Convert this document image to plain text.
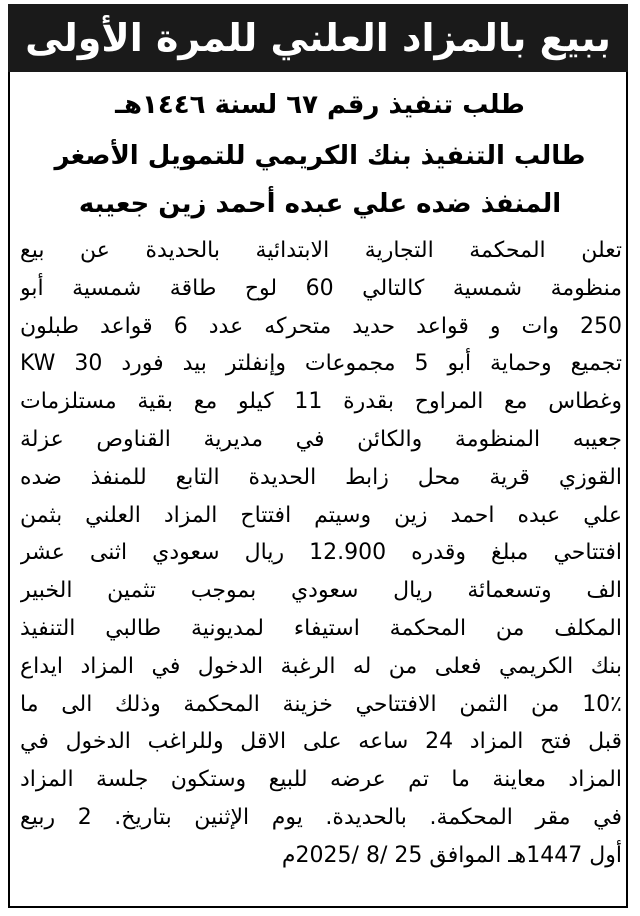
ببيع بالمزاد العلني للمرة الأولى
طلب تنفيذ رقم ٦٧ لسنة ١٤٤٦هـ
طالب التنفيذ بنك الكريمي للتمويل الأصغر
المنفذ ضده علي عبده أحمد زين جعيبه
تعلن المحكمة التجارية الابتدائية بالحديدة عن بيع
منظومة شمسية كالتالي 60 لوح طاقة شمسية أبو
250 وات و قواعد حديد متحركه عدد 6 قواعد طبلون
تجميع وحماية أبو 5 مجموعات وإنفلتر بيد فورد KW 30
وغطاس مع المراوح بقدرة 11 كيلو مع بقية مستلزمات
جعيبه المنظومة والكائن في مديرية القناوص عزلة
القوزي قرية محل زابط الحديدة التابع للمنفذ ضده
علي عبده احمد زين وسيتم افتتاح المزاد العلني بثمن
افتتاحي مبلغ وقدره 12.900 ريال سعودي اثنى عشر
الف وتسعمائة ريال سعودي بموجب تثمين الخبير
المكلف من المحكمة استيفاء لمديونية طالبي التنفيذ
بنك الكريمي فعلى من له الرغبة الدخول في المزاد ايداع
10٪ من الثمن الافتتاحي خزينة المحكمة وذلك الى ما
قبل فتح المزاد 24 ساعه على الاقل وللراغب الدخول في
المزاد معاينة ما تم عرضه للبيع وستكون جلسة المزاد
في مقر المحكمة. بالحديدة. يوم الإثنين بتاريخ. 2 ربيع
أول 1447هـ الموافق 25 /8 /2025م
